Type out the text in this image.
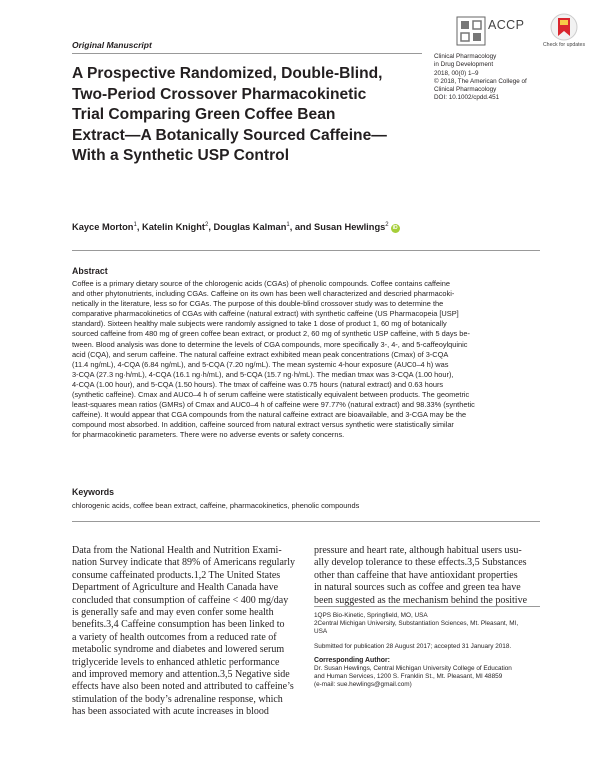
Original Manuscript
ACCP
Check for updates
A Prospective Randomized, Double-Blind, Two-Period Crossover Pharmacokinetic Trial Comparing Green Coffee Bean Extract—A Botanically Sourced Caffeine—With a Synthetic USP Control
Clinical Pharmacology
in Drug Development
2018, 00(0) 1–9
© 2018, The American College of
Clinical Pharmacology
DOI: 10.1002/cpdd.451
Kayce Morton$^1$, Katelin Knight$^2$, Douglas Kalman$^1$, and Susan Hewlings$^2$iD
Abstract
Coffee is a primary dietary source of the chlorogenic acids (CGAs) of phenolic compounds. Coffee contains caffeine
and other phytonutrients, including CGAs. Caffeine on its own has been well characterized and descried pharmacoki-
netically in the literature, less so for CGAs. The purpose of this double-blind crossover study was to determine the
comparative pharmacokinetics of CGAs with caffeine (natural extract) with synthetic caffeine (US Pharmacopeia [USP]
standard). Sixteen healthy male subjects were randomly assigned to take 1 dose of product 1, 60 mg of botanically
sourced caffeine from 480 mg of green coffee bean extract, or product 2, 60 mg of synthetic USP caffeine, with 5 days be-
tween. Blood analysis was done to determine the levels of CGA compounds, more specifically 3-, 4-, and 5-caffeoylquinic
acid (CQA), and serum caffeine. The natural caffeine extract exhibited mean peak concentrations (Cmax) of 3-CQA
(11.4 ng/mL), 4-CQA (6.84 ng/mL), and 5-CQA (7.20 ng/mL). The mean systemic 4-hour exposure (AUC0–4 h) was
3-CQA (27.3 ng·h/mL), 4-CQA (16.1 ng·h/mL), and 5-CQA (15.7 ng·h/mL). The median tmax was 3-CQA (1.00 hour),
4-CQA (1.00 hour), and 5-CQA (1.50 hours). The tmax of caffeine was 0.75 hours (natural extract) and 0.63 hours
(synthetic caffeine). Cmax and AUC0–4 h of serum caffeine were statistically equivalent between products. The geometric
least-squares mean ratios (GMRs) of Cmax and AUC0–4 h of caffeine were 97.77% (natural extract) and 98.33% (synthetic
caffeine). It would appear that CGA compounds from the natural caffeine extract are bioavailable, and 3-CGA may be the
compound most absorbed. In addition, caffeine sourced from natural extract versus synthetic were statistically similar
for pharmacokinetic parameters. There were no adverse events or safety concerns.
Keywords
chlorogenic acids, coffee bean extract, caffeine, pharmacokinetics, phenolic compounds
Data from the National Health and Nutrition Exami-
nation Survey indicate that 89% of Americans regularly
consume caffeinated products.1,2 The United States
Department of Agriculture and Health Canada have
concluded that consumption of caffeine < 400 mg/day
is generally safe and may even confer some health
benefits.3,4 Caffeine consumption has been linked to
a variety of health outcomes from a reduced rate of
metabolic syndrome and diabetes and lowered serum
triglyceride levels to enhanced athletic performance
and improved memory and attention.3,5 Negative side
effects have also been noted and attributed to caffeine’s
stimulation of the body’s adrenaline response, which
has been associated with acute increases in blood
pressure and heart rate, although habitual users usu-
ally develop tolerance to these effects.3,5 Substances
other than caffeine that have antioxidant properties
in natural sources such as coffee and green tea have
been suggested as the mechanism behind the positive
1QPS Bio-Kinetic, Springfield, MO, USA
2Central Michigan University, Substantiation Sciences, Mt. Pleasant, MI,
USA
Submitted for publication 28 August 2017; accepted 31 January 2018.
Corresponding Author:
Dr. Susan Hewlings, Central Michigan University College of Education
and Human Services, 1200 S. Franklin St., Mt. Pleasant, MI 48859
(e-mail: sue.hewlings@gmail.com)
